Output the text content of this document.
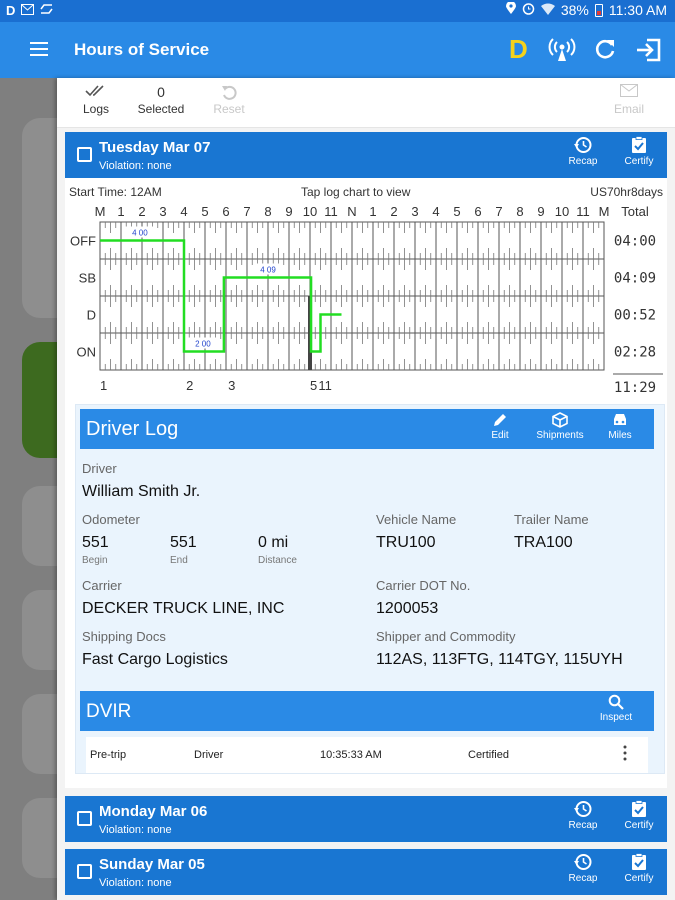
D	38% 11:30 AM
Hours of Service	D
Logs
0
Selected	Reset	Email
Tuesday Mar 07
Violation: none	Recap	Certify
Start Time: 12AM	Tap log chart to view	US70hr8days
M 1 2 3 4 5 6 7 8 9 10 11 N 1 2 3 4 5 6 7 8 9 10 11 M Total
OFF	04:00
SB	04:09
D	00:52
ON	02:28
11:29
1	2	3	5 11
4 00
2 00
4 09
Driver Log	Edit	Shipments	Miles
Driver
William Smith Jr.
Odometer
551
Begin
551
End
0 mi
Distance
Vehicle Name
TRU100
Trailer Name
TRA100
Carrier
DECKER TRUCK LINE, INC
Carrier DOT No.
1200053
Shipping Docs
Fast Cargo Logistics
Shipper and Commodity
112AS, 113FTG, 114TGY, 115UYH
DVIR	Inspect
Pre-trip	Driver	10:35:33 AM	Certified
Monday Mar 06
Violation: none	Recap	Certify
Sunday Mar 05
Violation: none	Recap	Certify
